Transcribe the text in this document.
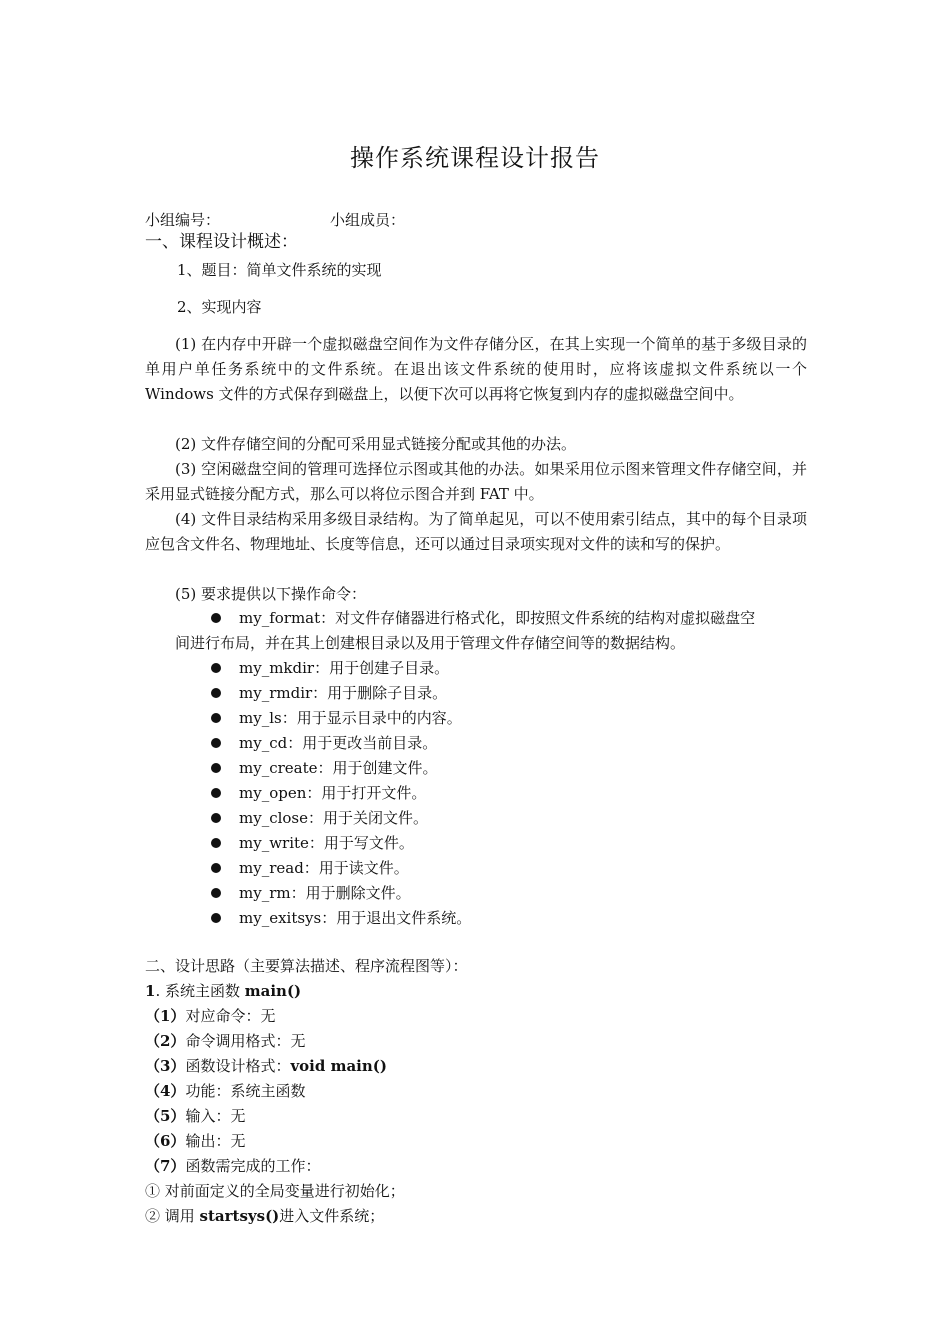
操作系统课程设计报告
小组编号：	小组成员：
一、课程设计概述：
1、题目：简单文件系统的实现
2、实现内容
(1) 在内存中开辟一个虚拟磁盘空间作为文件存储分区，在其上实现一个简单的基于多级目录的单用户单任务系统中的文件系统。在退出该文件系统的使用时，应将该虚拟文件系统以一个 Windows 文件的方式保存到磁盘上，以便下次可以再将它恢复到内存的虚拟磁盘空间中。
(2) 文件存储空间的分配可采用显式链接分配或其他的办法。
(3) 空闲磁盘空间的管理可选择位示图或其他的办法。如果采用位示图来管理文件存储空间，并采用显式链接分配方式，那么可以将位示图合并到 FAT 中。
(4) 文件目录结构采用多级目录结构。为了简单起见，可以不使用索引结点，其中的每个目录项应包含文件名、物理地址、长度等信息，还可以通过目录项实现对文件的读和写的保护。
(5) 要求提供以下操作命令：
my_format：对文件存储器进行格式化，即按照文件系统的结构对虚拟磁盘空
间进行布局，并在其上创建根目录以及用于管理文件存储空间等的数据结构。
my_mkdir：用于创建子目录。
my_rmdir：用于删除子目录。
my_ls：用于显示目录中的内容。
my_cd：用于更改当前目录。
my_create：用于创建文件。
my_open：用于打开文件。
my_close：用于关闭文件。
my_write：用于写文件。
my_read：用于读文件。
my_rm：用于删除文件。
my_exitsys：用于退出文件系统。
二、设计思路（主要算法描述、程序流程图等）：
1. 系统主函数 main()
（1）对应命令：无
（2）命令调用格式：无
（3）函数设计格式：void main()
（4）功能：系统主函数
（5）输入：无
（6）输出：无
（7）函数需完成的工作：
① 对前面定义的全局变量进行初始化；
② 调用 startsys()进入文件系统；
